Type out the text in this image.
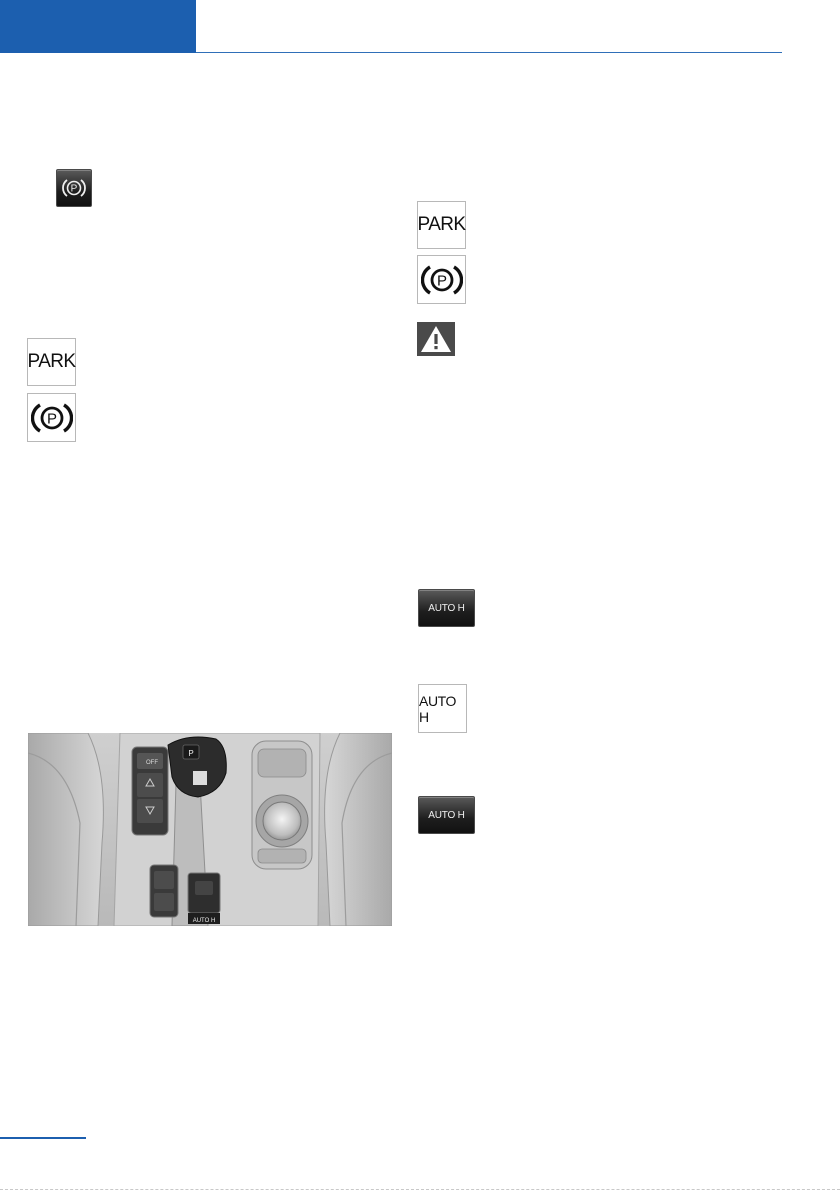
P
PARK
P
PARK
P
AUTO H
AUTO H
AUTO H
OFF
P
AUTO H
